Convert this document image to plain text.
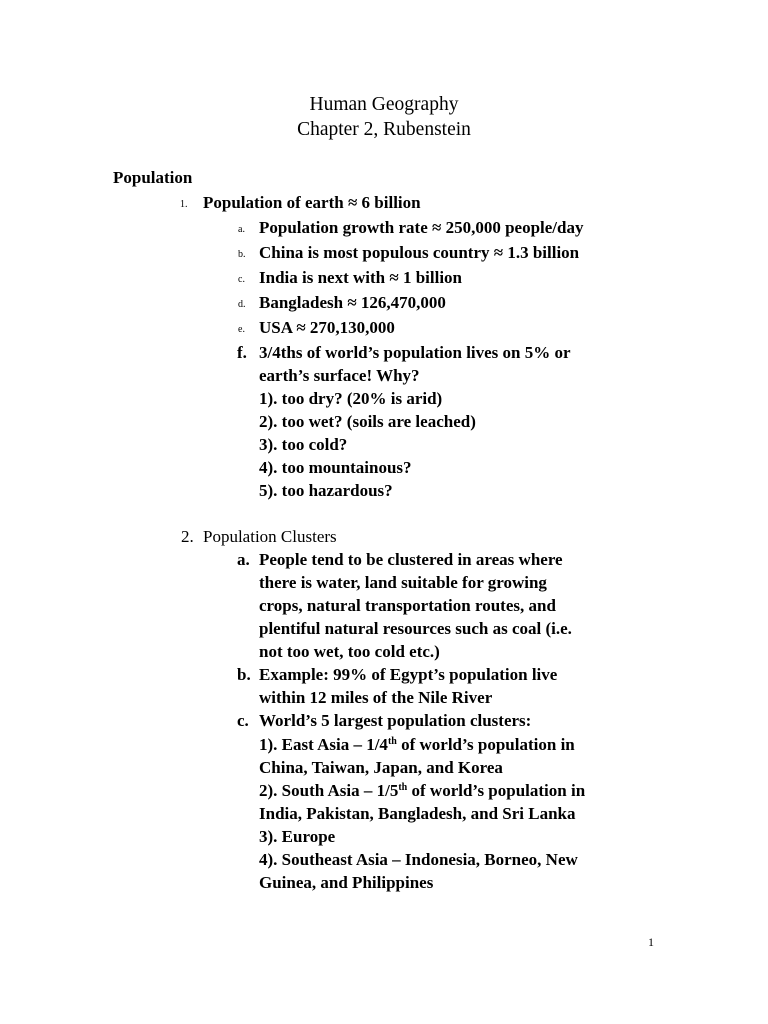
Human Geography
Chapter 2, Rubenstein
Population
1. Population of earth ≈ 6 billion
a. Population growth rate ≈ 250,000 people/day
b. China is most populous country ≈ 1.3 billion
c. India is next with ≈ 1 billion
d. Bangladesh ≈ 126,470,000
e. USA ≈ 270,130,000
f. 3/4ths of world’s population lives on 5% or
earth’s surface! Why?
1). too dry? (20% is arid)
2). too wet? (soils are leached)
3). too cold?
4). too mountainous?
5). too hazardous?
2. Population Clusters
a. People tend to be clustered in areas where
there is water, land suitable for growing
crops, natural transportation routes, and
plentiful natural resources such as coal (i.e.
not too wet, too cold etc.)
b. Example: 99% of Egypt’s population live
within 12 miles of the Nile River
c. World’s 5 largest population clusters:
1). East Asia – 1/4th of world’s population in
China, Taiwan, Japan, and Korea
2). South Asia – 1/5th of world’s population in
India, Pakistan, Bangladesh, and Sri Lanka
3). Europe
4). Southeast Asia – Indonesia, Borneo, New
Guinea, and Philippines
1
